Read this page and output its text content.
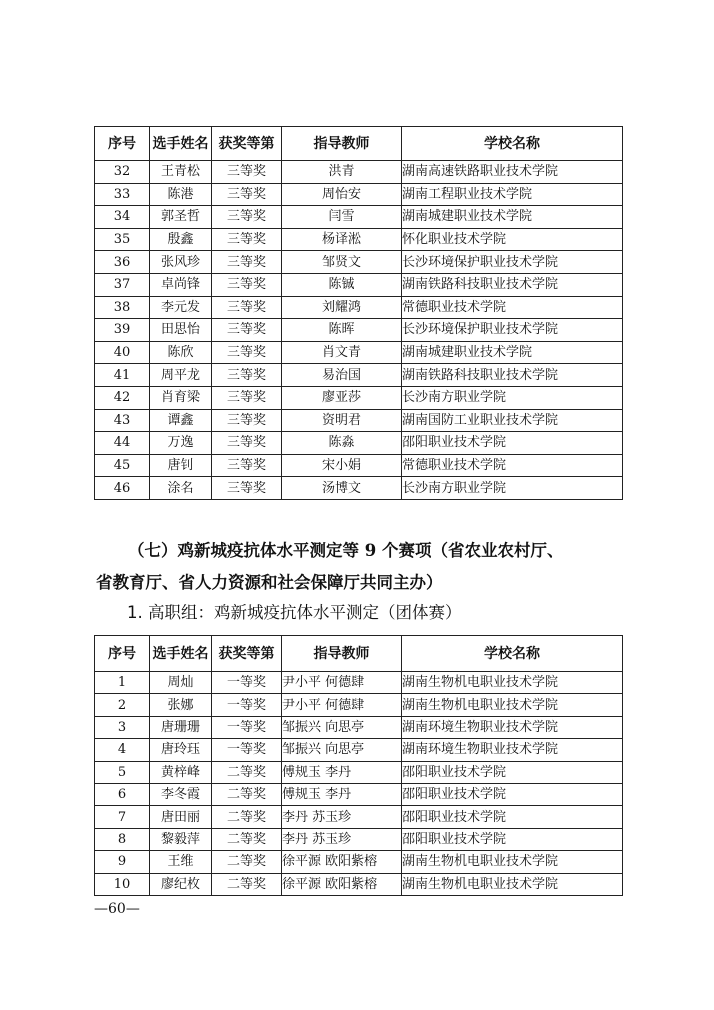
序号	选手姓名	获奖等第	指导教师	学校名称
32	王青松	三等奖	洪青	湖南高速铁路职业技术学院
33	陈港	三等奖	周怡安	湖南工程职业技术学院
34	郭圣哲	三等奖	闫雪	湖南城建职业技术学院
35	殷鑫	三等奖	杨译淞	怀化职业技术学院
36	张风珍	三等奖	邹贤文	长沙环境保护职业技术学院
37	卓尚锋	三等奖	陈铖	湖南铁路科技职业技术学院
38	李元发	三等奖	刘耀鸿	常德职业技术学院
39	田思怡	三等奖	陈晖	长沙环境保护职业技术学院
40	陈欣	三等奖	肖文青	湖南城建职业技术学院
41	周平龙	三等奖	易治国	湖南铁路科技职业技术学院
42	肖育梁	三等奖	廖亚莎	长沙南方职业学院
43	谭鑫	三等奖	资明君	湖南国防工业职业技术学院
44	万逸	三等奖	陈淼	邵阳职业技术学院
45	唐钊	三等奖	宋小娟	常德职业技术学院
46	涂名	三等奖	汤博文	长沙南方职业学院
（七）鸡新城疫抗体水平测定等 9 个赛项（省农业农村厅、
省教育厅、省人力资源和社会保障厅共同主办）
1. 高职组：鸡新城疫抗体水平测定（团体赛）
序号	选手姓名	获奖等第	指导教师	学校名称
1	周灿	一等奖	尹小平 何德肆	湖南生物机电职业技术学院
2	张娜	一等奖	尹小平 何德肆	湖南生物机电职业技术学院
3	唐珊珊	一等奖	邹振兴 向思亭	湖南环境生物职业技术学院
4	唐玲珏	一等奖	邹振兴 向思亭	湖南环境生物职业技术学院
5	黄梓峰	二等奖	傅规玉 李丹	邵阳职业技术学院
6	李冬霞	二等奖	傅规玉 李丹	邵阳职业技术学院
7	唐田丽	二等奖	李丹 苏玉珍	邵阳职业技术学院
8	黎毅萍	二等奖	李丹 苏玉珍	邵阳职业技术学院
9	王维	二等奖	徐平源 欧阳紫榕	湖南生物机电职业技术学院
10	廖纪枚	二等奖	徐平源 欧阳紫榕	湖南生物机电职业技术学院
—60—
